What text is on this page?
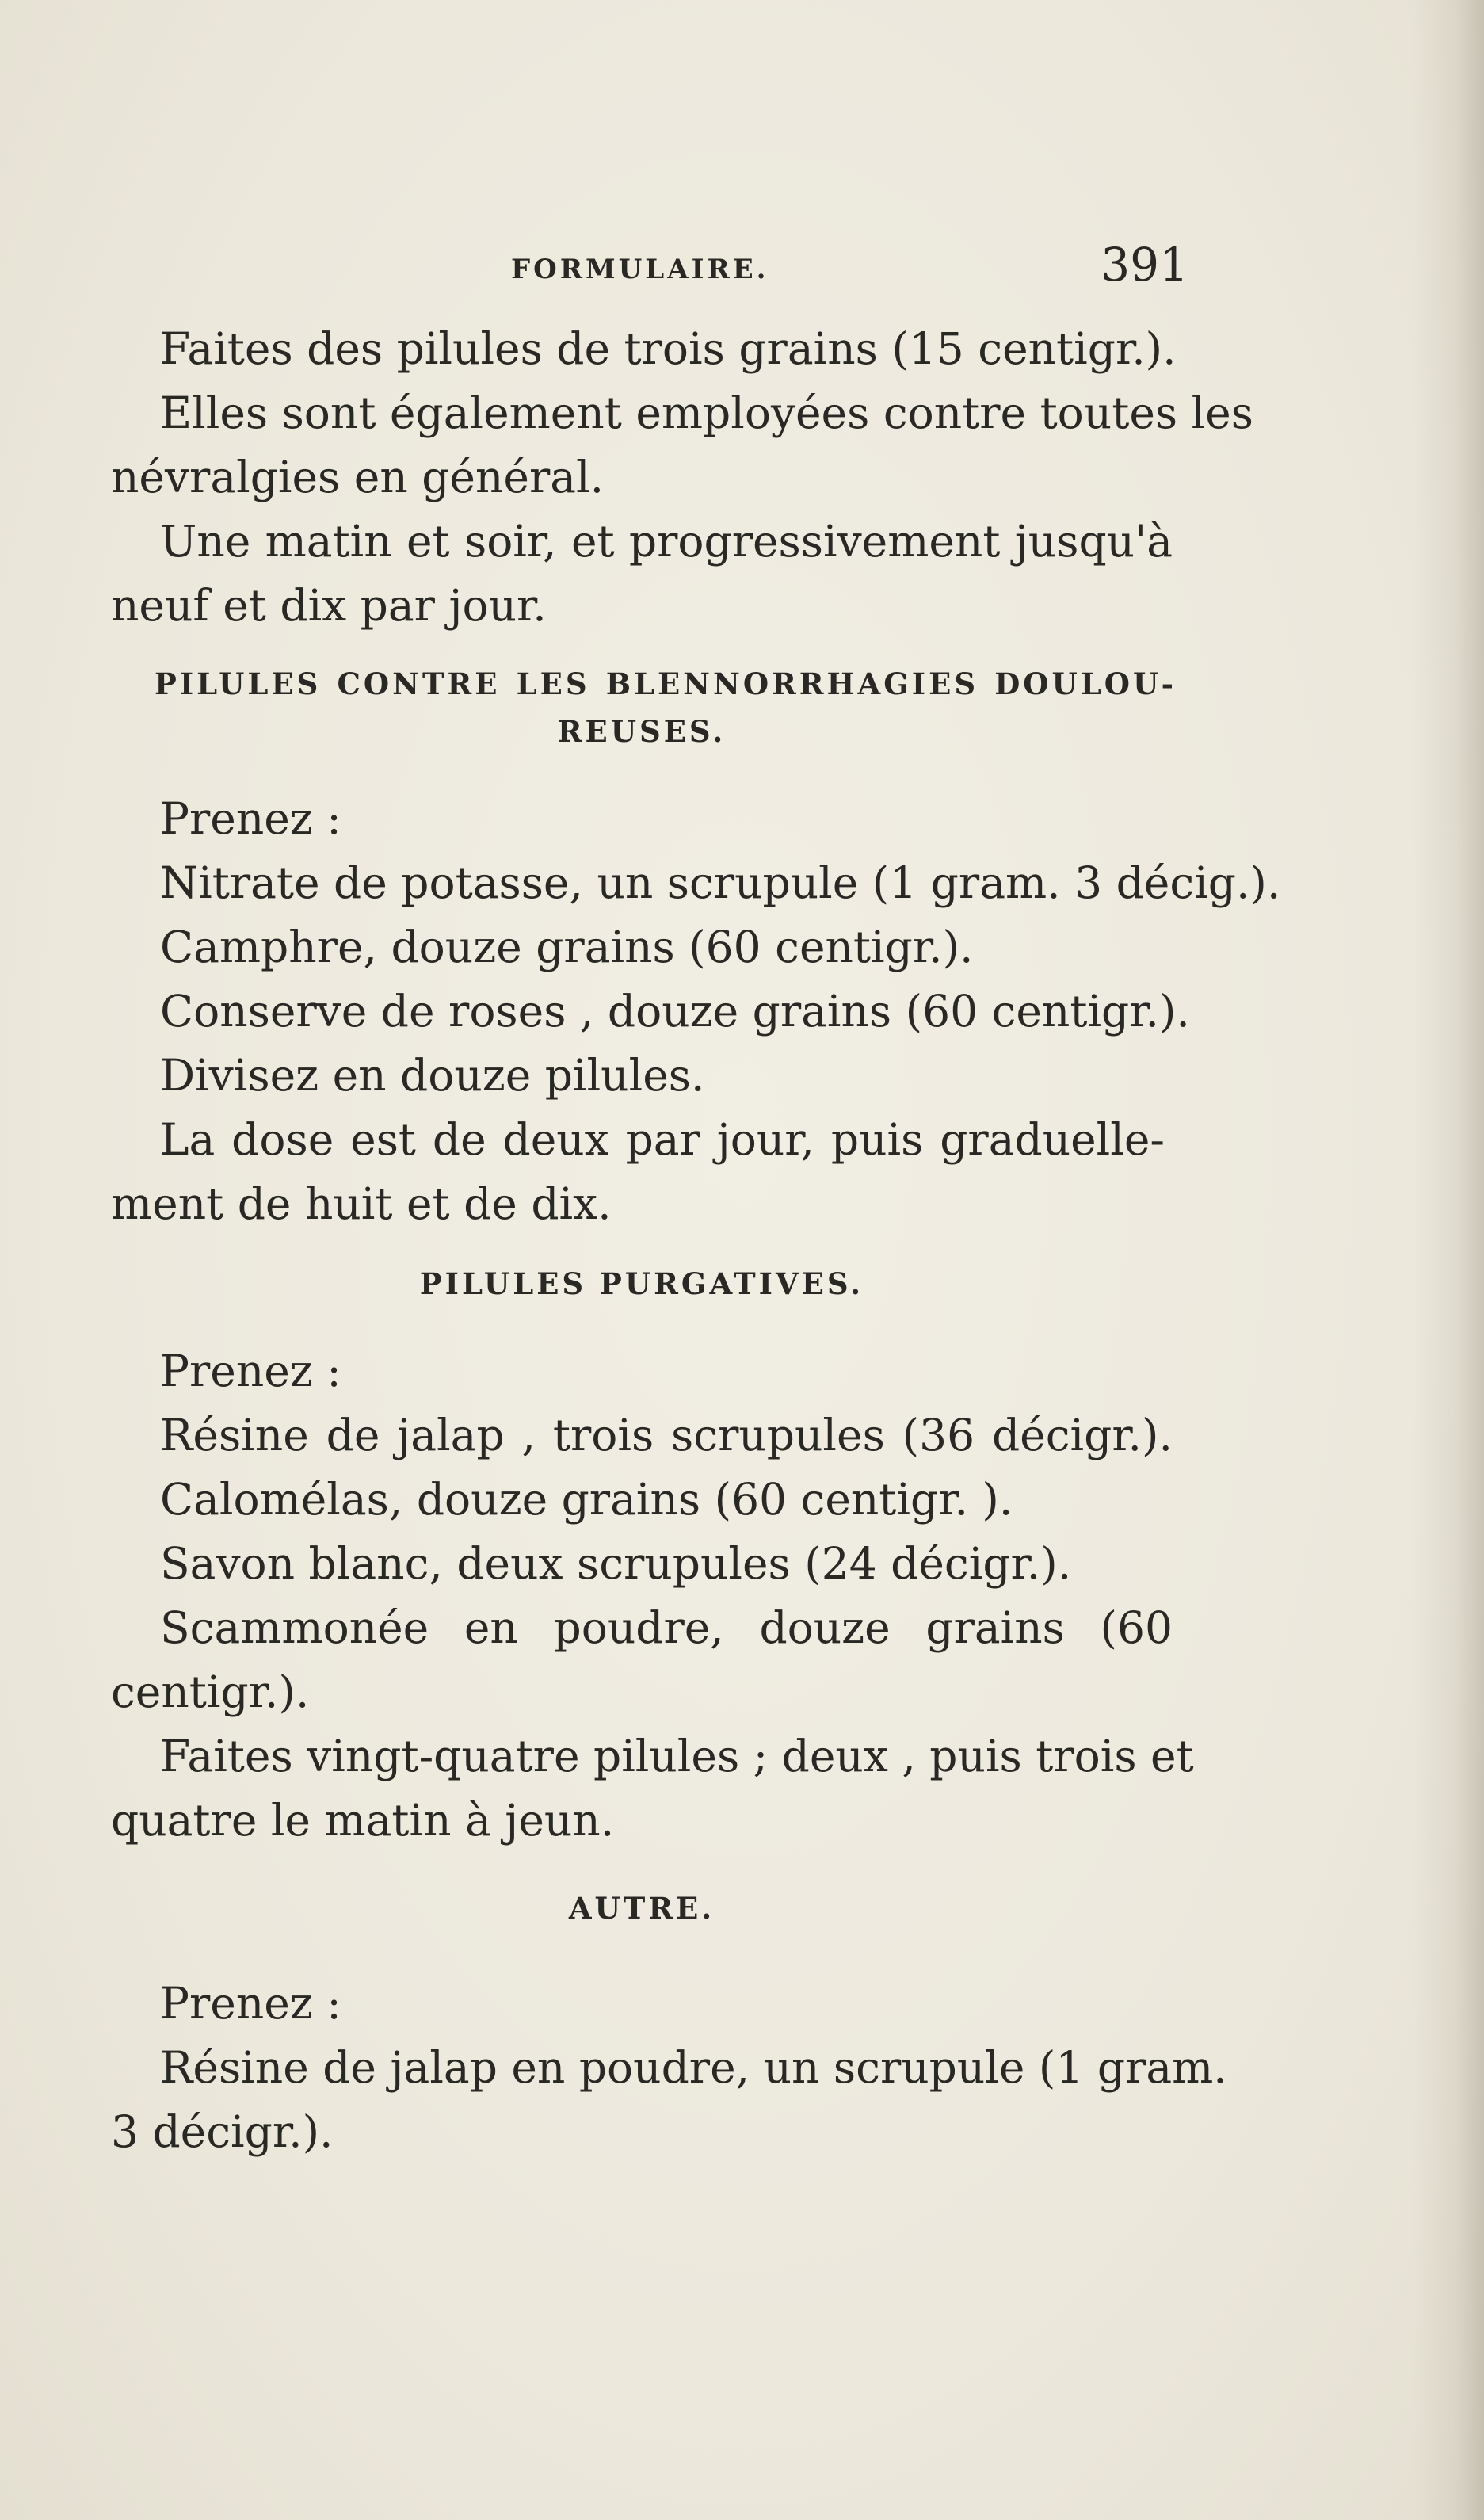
FORMULAIRE.	391
Faites des pilules de trois grains (15 centigr.).
Elles sont également employées contre toutes les
névralgies en général.
Une matin et soir, et progressivement jusqu'à
neuf et dix par jour.
PILULES CONTRE LES BLENNORRHAGIES DOULOU-
REUSES.
Prenez :
Nitrate de potasse, un scrupule (1 gram. 3 décig.).
Camphre, douze grains (60 centigr.).
Conserve de roses , douze grains (60 centigr.).
Divisez en douze pilules.
La dose est de deux par jour, puis graduelle-
ment de huit et de dix.
PILULES PURGATIVES.
Prenez :
Résine de jalap , trois scrupules (36 décigr.).
Calomélas, douze grains (60 centigr. ).
Savon blanc, deux scrupules (24 décigr.).
Scammonée en poudre, douze grains (60
centigr.).
Faites vingt-quatre pilules ; deux , puis trois et
quatre le matin à jeun.
AUTRE.
Prenez :
Résine de jalap en poudre, un scrupule (1 gram.
3 décigr.).
